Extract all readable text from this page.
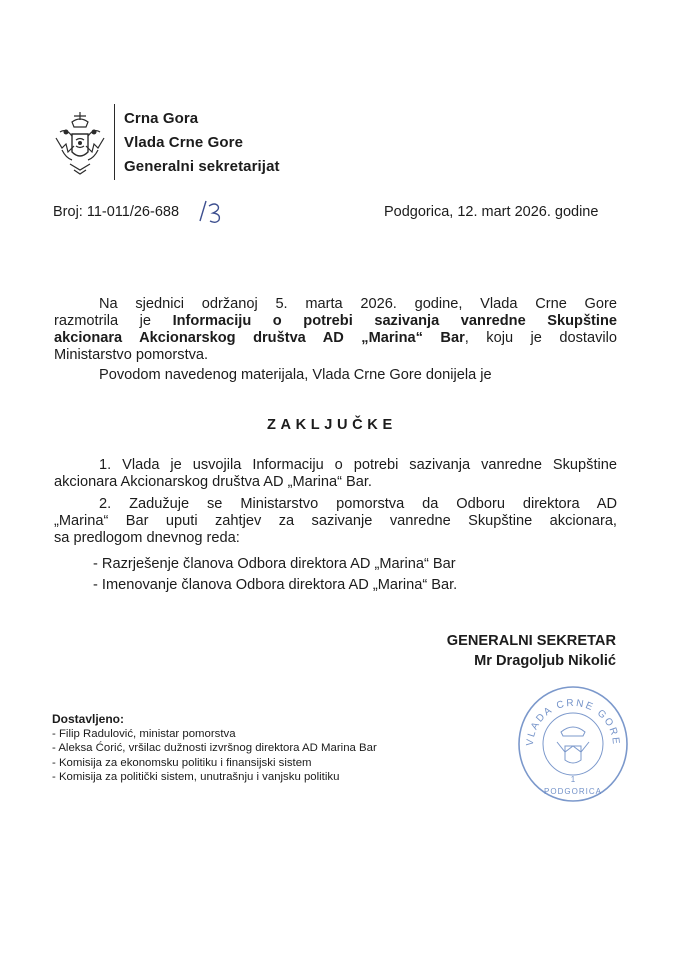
Crna Gora
Vlada Crne Gore
Generalni sekretarijat
Broj: 11-011/26-688
/3
Podgorica, 12. mart 2026. godine
Na sjednici održanoj 5. marta 2026. godine, Vlada Crne Gore
razmotrila je Informaciju o potrebi sazivanja vanredne Skupštine
akcionara Akcionarskog društva AD „Marina“ Bar, koju je dostavilo
Ministarstvo pomorstva.
Povodom navedenog materijala, Vlada Crne Gore donijela je
ZAKLJUČKE
1. Vlada je usvojila Informaciju o potrebi sazivanja vanredne Skupštine
akcionara Akcionarskog društva AD „Marina“ Bar.
2. Zadužuje se Ministarstvo pomorstva da Odboru direktora AD
„Marina“ Bar uputi zahtjev za sazivanje vanredne Skupštine akcionara,
sa predlogom dnevnog reda:
- Razrješenje članova Odbora direktora AD „Marina“ Bar
- Imenovanje članova Odbora direktora AD „Marina“ Bar.
GENERALNI SEKRETAR
Mr Dragoljub Nikolić
Dostavljeno:
- Filip Radulović, ministar pomorstva
- Aleksa Ćorić, vršilac dužnosti izvršnog direktora AD Marina Bar
- Komisija za ekonomsku politiku i finansijski sistem
- Komisija za politički sistem, unutrašnju i vanjsku politiku
VLADA CRNE GORE
1
PODGORICA
